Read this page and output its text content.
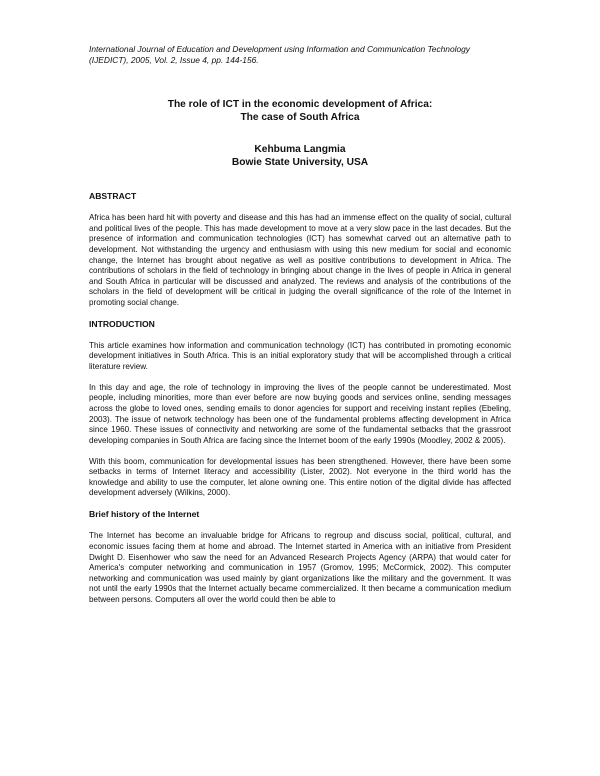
International Journal of Education and Development using Information and Communication Technology (IJEDICT), 2005, Vol. 2, Issue 4, pp. 144-156.
The role of ICT in the economic development of Africa:
The case of South Africa
Kehbuma Langmia
Bowie State University, USA
ABSTRACT

Africa has been hard hit with poverty and disease and this has had an immense effect on the quality of social, cultural and political lives of the people. This has made development to move at a very slow pace in the last decades. But the presence of information and communication technologies (ICT) has somewhat carved out an alternative path to development. Not withstanding the urgency and enthusiasm with using this new medium for social and economic change, the Internet has brought about negative as well as positive contributions to development in Africa. The contributions of scholars in the field of technology in bringing about change in the lives of people in Africa in general and South Africa in particular will be discussed and analyzed. The reviews and analysis of the contributions of the scholars in the field of development will be critical in judging the overall significance of the role of the Internet in promoting social change.

INTRODUCTION

This article examines how information and communication technology (ICT) has contributed in promoting economic development initiatives in South Africa. This is an initial exploratory study that will be accomplished through a critical literature review.

In this day and age, the role of technology in improving the lives of the people cannot be underestimated. Most people, including minorities, more than ever before are now buying goods and services online, sending messages across the globe to loved ones, sending emails to donor agencies for support and receiving instant replies (Ebeling, 2003). The issue of network technology has been one of the fundamental problems affecting development in Africa since 1960. These issues of connectivity and networking are some of the fundamental setbacks that the grassroot developing companies in South Africa are facing since the Internet boom of the early 1990s (Moodley, 2002 & 2005).

With this boom, communication for developmental issues has been strengthened. However, there have been some setbacks in terms of Internet literacy and accessibility (Lister, 2002). Not everyone in the third world has the knowledge and ability to use the computer, let alone owning one. This entire notion of the digital divide has affected development adversely (Wilkins, 2000).

Brief history of the Internet

The Internet has become an invaluable bridge for Africans to regroup and discuss social, political, cultural, and economic issues facing them at home and abroad. The Internet started in America with an initiative from President Dwight D. Eisenhower who saw the need for an Advanced Research Projects Agency (ARPA) that would cater for America's computer networking and communication in 1957 (Gromov, 1995; McCormick, 2002). This computer networking and communication was used mainly by giant organizations like the military and the government. It was not until the early 1990s that the Internet actually became commercialized. It then became a communication medium between persons. Computers all over the world could then be able to
